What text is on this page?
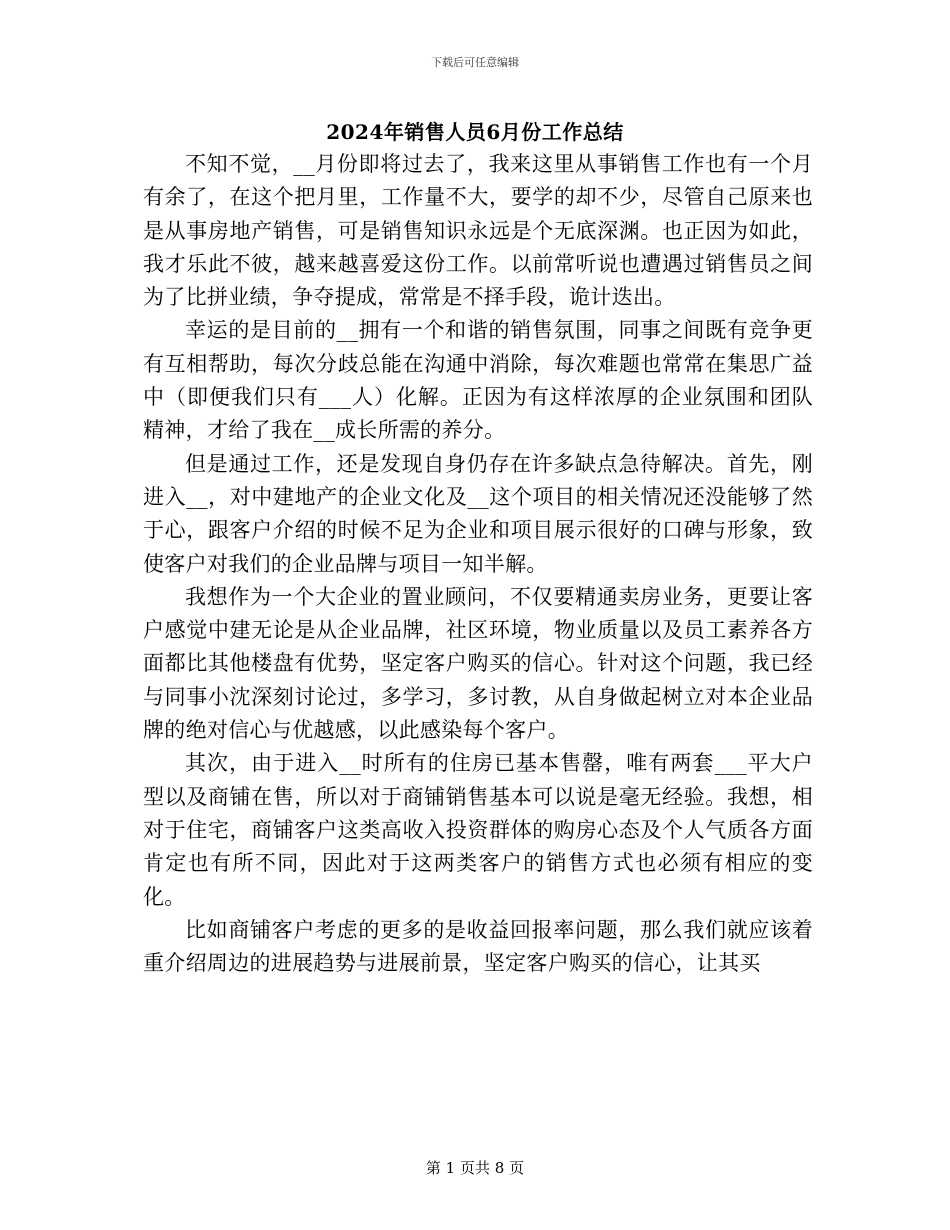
下载后可任意编辑
2024年销售人员6月份工作总结

不知不觉，__月份即将过去了，我来这里从事销售工作也有一个月有余了，在这个把月里，工作量不大，要学的却不少，尽管自己原来也是从事房地产销售，可是销售知识永远是个无底深渊。也正因为如此，我才乐此不彼，越来越喜爱这份工作。以前常听说也遭遇过销售员之间为了比拼业绩，争夺提成，常常是不择手段，诡计迭出。

幸运的是目前的__拥有一个和谐的销售氛围，同事之间既有竞争更有互相帮助，每次分歧总能在沟通中消除，每次难题也常常在集思广益中（即便我们只有___人）化解。正因为有这样浓厚的企业氛围和团队精神，才给了我在__成长所需的养分。

但是通过工作，还是发现自身仍存在许多缺点急待解决。首先，刚进入__，对中建地产的企业文化及__这个项目的相关情况还没能够了然于心，跟客户介绍的时候不足为企业和项目展示很好的口碑与形象，致使客户对我们的企业品牌与项目一知半解。

我想作为一个大企业的置业顾问，不仅要精通卖房业务，更要让客户感觉中建无论是从企业品牌，社区环境，物业质量以及员工素养各方面都比其他楼盘有优势，坚定客户购买的信心。针对这个问题，我已经与同事小沈深刻讨论过，多学习，多讨教，从自身做起树立对本企业品牌的绝对信心与优越感，以此感染每个客户。

其次，由于进入__时所有的住房已基本售罄，唯有两套___平大户型以及商铺在售，所以对于商铺销售基本可以说是毫无经验。我想，相对于住宅，商铺客户这类高收入投资群体的购房心态及个人气质各方面肯定也有所不同，因此对于这两类客户的销售方式也必须有相应的变化。

比如商铺客户考虑的更多的是收益回报率问题，那么我们就应该着重介绍周边的进展趋势与进展前景，坚定客户购买的信心，让其买

第 1 页共 8 页
